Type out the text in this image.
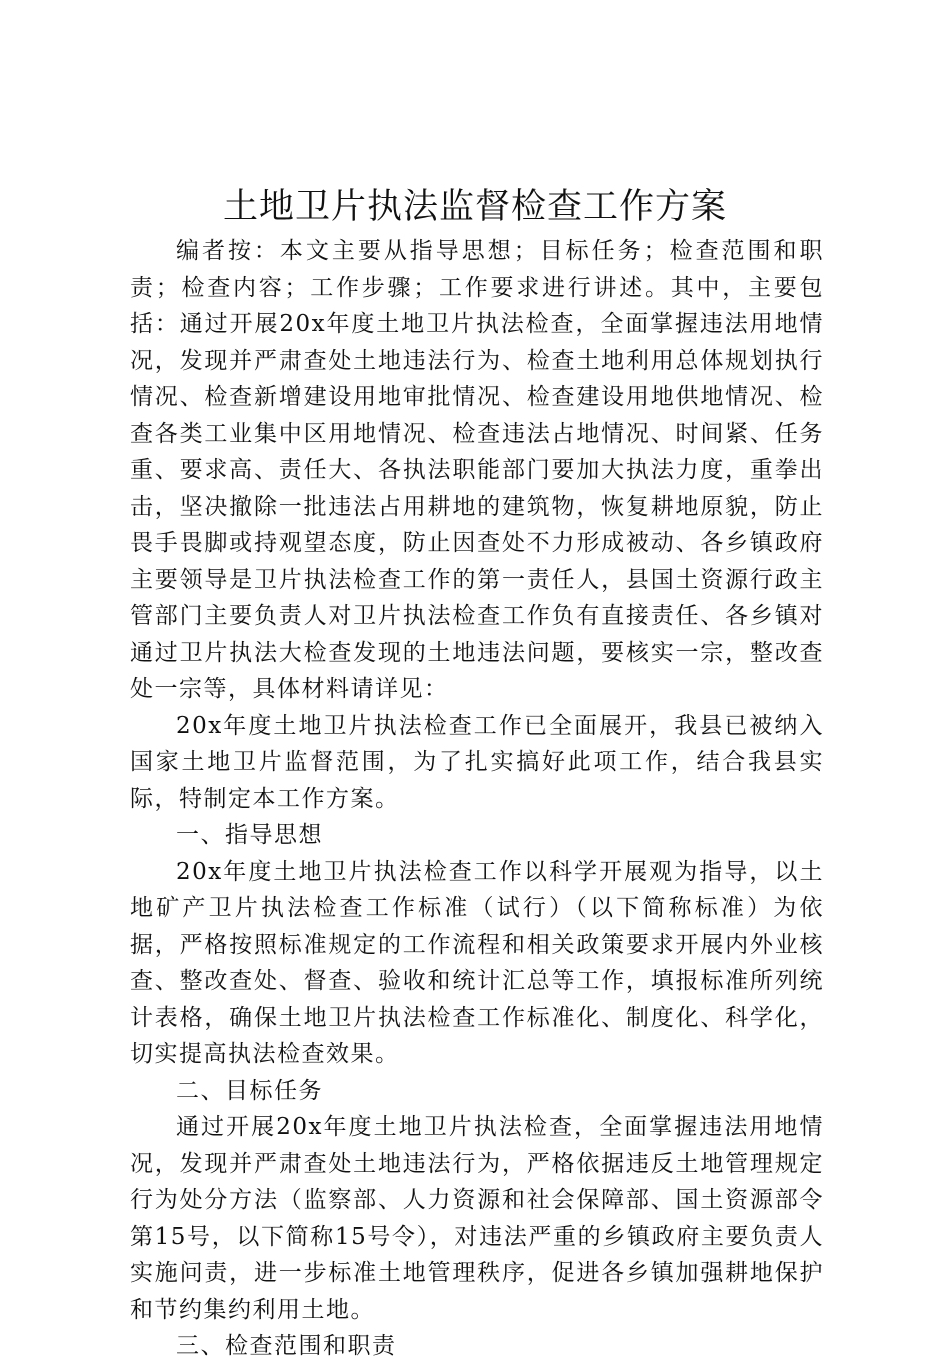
土地卫片执法监督检查工作方案

编者按：本文主要从指导思想；目标任务；检查范围和职责；检查内容；工作步骤；工作要求进行讲述。其中，主要包括：通过开展20x年度土地卫片执法检查，全面掌握违法用地情况，发现并严肃查处土地违法行为、检查土地利用总体规划执行情况、检查新增建设用地审批情况、检查建设用地供地情况、检查各类工业集中区用地情况、检查违法占地情况、时间紧、任务重、要求高、责任大、各执法职能部门要加大执法力度，重拳出击，坚决撤除一批违法占用耕地的建筑物，恢复耕地原貌，防止畏手畏脚或持观望态度，防止因查处不力形成被动、各乡镇政府主要领导是卫片执法检查工作的第一责任人，县国土资源行政主管部门主要负责人对卫片执法检查工作负有直接责任、各乡镇对通过卫片执法大检查发现的土地违法问题，要核实一宗，整改查处一宗等，具体材料请详见：

20x年度土地卫片执法检查工作已全面展开，我县已被纳入国家土地卫片监督范围，为了扎实搞好此项工作，结合我县实际，特制定本工作方案。

一、指导思想

20x年度土地卫片执法检查工作以科学开展观为指导，以土地矿产卫片执法检查工作标准（试行）（以下简称标准）为依据，严格按照标准规定的工作流程和相关政策要求开展内外业核查、整改查处、督查、验收和统计汇总等工作，填报标准所列统计表格，确保土地卫片执法检查工作标准化、制度化、科学化，切实提高执法检查效果。

二、目标任务

通过开展20x年度土地卫片执法检查，全面掌握违法用地情况，发现并严肃查处土地违法行为，严格依据违反土地管理规定行为处分方法（监察部、人力资源和社会保障部、国土资源部令第15号，以下简称15号令），对违法严重的乡镇政府主要负责人实施问责，进一步标准土地管理秩序，促进各乡镇加强耕地保护和节约集约利用土地。

三、检查范围和职责
